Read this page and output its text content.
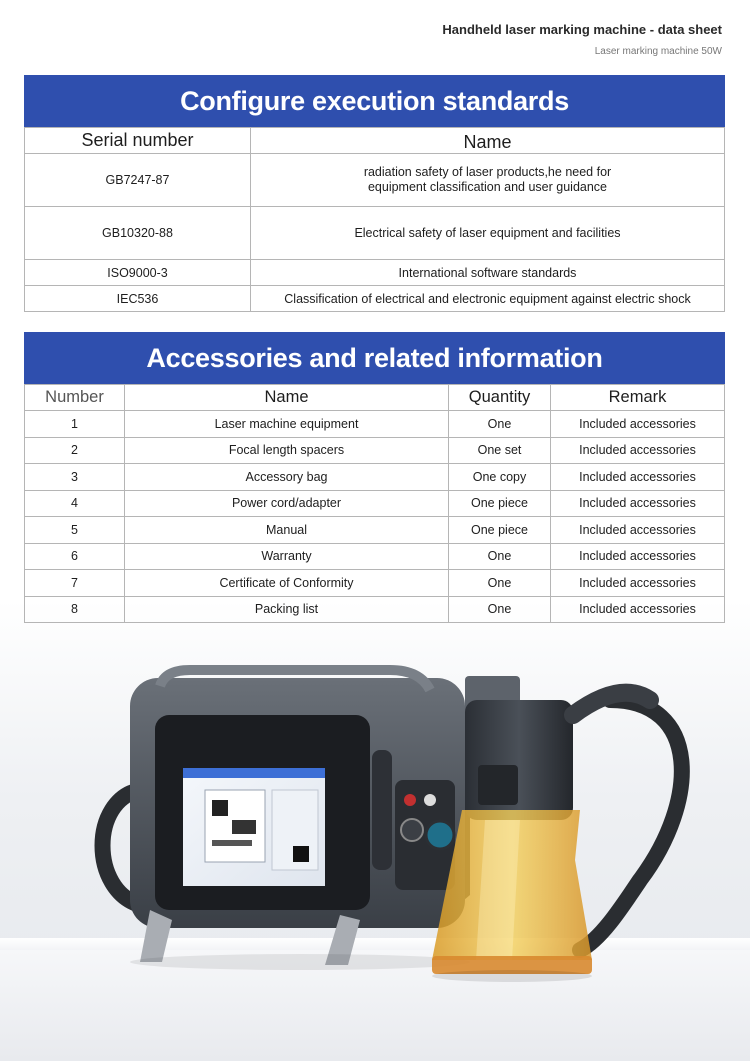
Handheld laser marking machine - data sheet
Laser marking machine 50W
Configure execution standards
Serial number	Name
GB7247-87	radiation safety of laser products,he need for
equipment classification and user guidance
GB10320-88	Electrical safety of laser equipment and facilities
ISO9000-3	International software standards
IEC536	Classification of electrical and electronic equipment against electric shock
Accessories and related information
Number	Name	Quantity	Remark
1	Laser machine equipment	One	Included accessories
2	Focal length spacers	One set	Included accessories
3	Accessory bag	One copy	Included accessories
4	Power cord/adapter	One piece	Included accessories
5	Manual	One piece	Included accessories
6	Warranty	One	Included accessories
7	Certificate of Conformity	One	Included accessories
8	Packing list	One	Included accessories
